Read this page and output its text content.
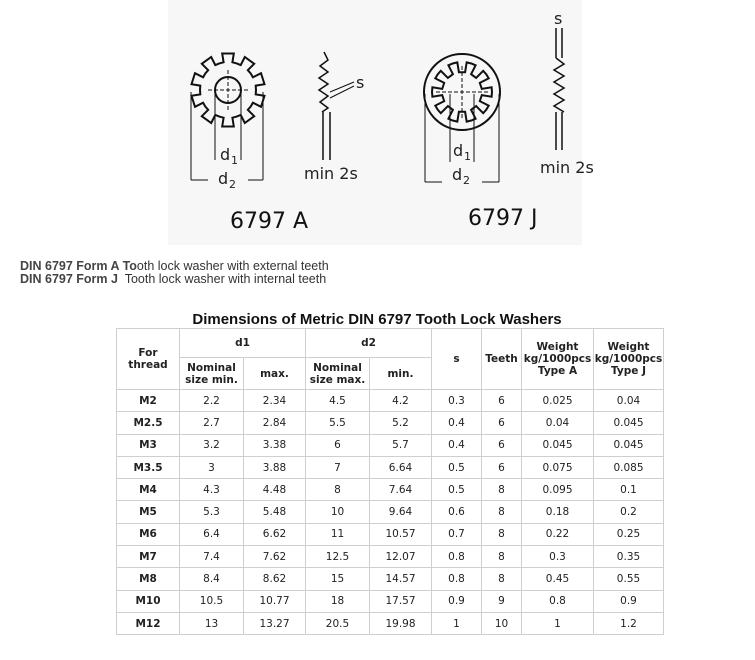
d 1
d 2
s
min 2s
6797 A
d 1
d 2
s
min 2s
6797 J
DIN 6797 Form A Tooth lock washer with external teeth
DIN 6797 Form J  Tooth lock washer with internal teeth
Dimensions of Metric DIN 6797 Tooth Lock Washers
For thread	d1		d2		s	Teeth	Weight kg/1000pcs Type A	Weight kg/1000pcs Type J
	Nominal size min.	max.	Nominal size max.	min.				
M2	2.2	2.34	4.5	4.2	0.3	6	0.025	0.04
M2.5	2.7	2.84	5.5	5.2	0.4	6	0.04	0.045
M3	3.2	3.38	6	5.7	0.4	6	0.045	0.045
M3.5	3	3.88	7	6.64	0.5	6	0.075	0.085
M4	4.3	4.48	8	7.64	0.5	8	0.095	0.1
M5	5.3	5.48	10	9.64	0.6	8	0.18	0.2
M6	6.4	6.62	11	10.57	0.7	8	0.22	0.25
M7	7.4	7.62	12.5	12.07	0.8	8	0.3	0.35
M8	8.4	8.62	15	14.57	0.8	8	0.45	0.55
M10	10.5	10.77	18	17.57	0.9	9	0.8	0.9
M12	13	13.27	20.5	19.98	1	10	1	1.2
